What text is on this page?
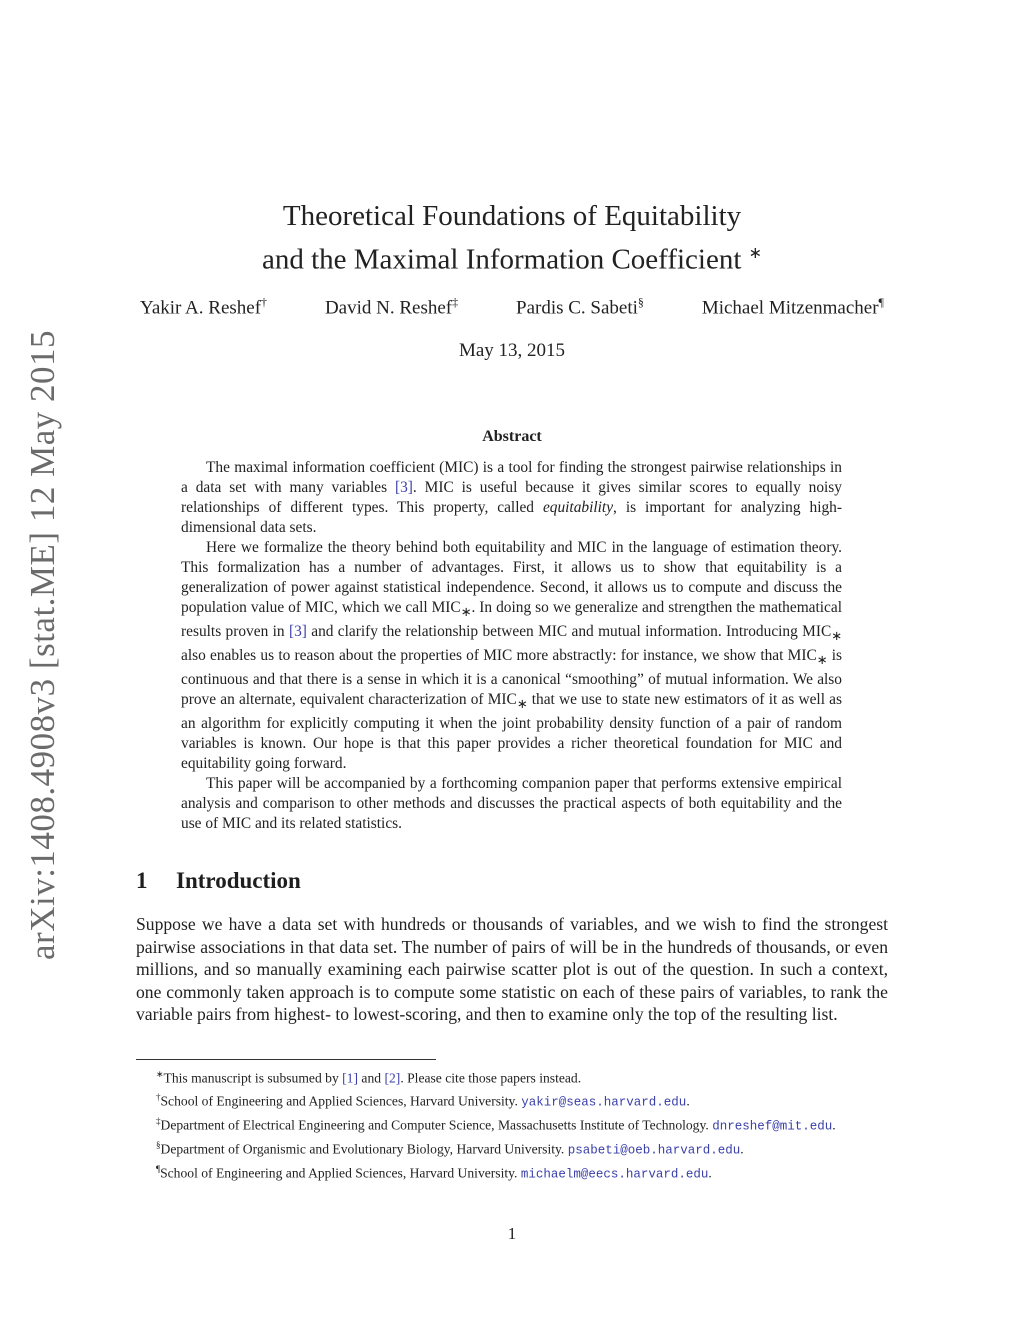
arXiv:1408.4908v3 [stat.ME] 12 May 2015
Theoretical Foundations of Equitability
and the Maximal Information Coefficient ∗
Yakir A. Reshef†	David N. Reshef‡	Pardis C. Sabeti§	Michael Mitzenmacher¶
May 13, 2015
Abstract

The maximal information coefficient (MIC) is a tool for finding the strongest pairwise relationships in a data set with many variables [3]. MIC is useful because it gives similar scores to equally noisy relationships of different types. This property, called equitability, is important for analyzing high-dimensional data sets.

Here we formalize the theory behind both equitability and MIC in the language of estimation theory. This formalization has a number of advantages. First, it allows us to show that equitability is a generalization of power against statistical independence. Second, it allows us to compute and discuss the population value of MIC, which we call $MIC_∗$. In doing so we generalize and strengthen the mathematical results proven in [3] and clarify the relationship between MIC and mutual information. Introducing $MIC_∗$ also enables us to reason about the properties of MIC more abstractly: for instance, we show that $MIC_∗$ is continuous and that there is a sense in which it is a canonical “smoothing” of mutual information. We also prove an alternate, equivalent characterization of $MIC_∗$ that we use to state new estimators of it as well as an algorithm for explicitly computing it when the joint probability density function of a pair of random variables is known. Our hope is that this paper provides a richer theoretical foundation for MIC and equitability going forward.

This paper will be accompanied by a forthcoming companion paper that performs extensive empirical analysis and comparison to other methods and discusses the practical aspects of both equitability and the use of MIC and its related statistics.

1 Introduction

Suppose we have a data set with hundreds or thousands of variables, and we wish to find the strongest pairwise associations in that data set. The number of pairs of will be in the hundreds of thousands, or even millions, and so manually examining each pairwise scatter plot is out of the question. In such a context, one commonly taken approach is to compute some statistic on each of these pairs of variables, to rank the variable pairs from highest- to lowest-scoring, and then to examine only the top of the resulting list.

∗This manuscript is subsumed by [1] and [2]. Please cite those papers instead.

†School of Engineering and Applied Sciences, Harvard University. yakir@seas.harvard.edu.

‡Department of Electrical Engineering and Computer Science, Massachusetts Institute of Technology. dnreshef@mit.edu.

§Department of Organismic and Evolutionary Biology, Harvard University. psabeti@oeb.harvard.edu.

¶School of Engineering and Applied Sciences, Harvard University. michaelm@eecs.harvard.edu.

1
